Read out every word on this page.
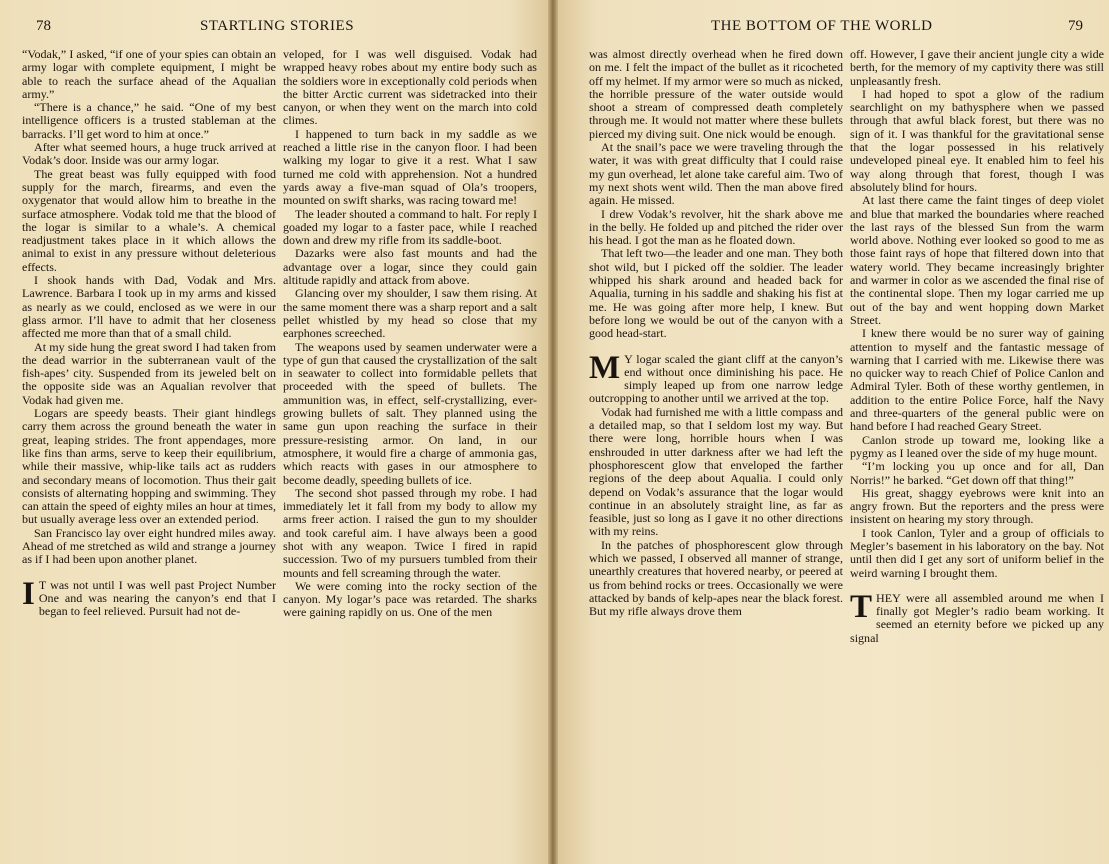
78	STARTLING STORIES

“Vodak,” I asked, “if one of your spies can obtain an army logar with complete equipment, I might be able to reach the surface ahead of the Aqualian army.”

“There is a chance,” he said. “One of my best intelligence officers is a trusted stableman at the barracks. I’ll get word to him at once.”

After what seemed hours, a huge truck arrived at Vodak’s door. Inside was our army logar.

The great beast was fully equipped with food supply for the march, firearms, and even the oxygenator that would allow him to breathe in the surface atmosphere. Vodak told me that the blood of the logar is similar to a whale’s. A chemical readjustment takes place in it which allows the animal to exist in any pressure without deleterious effects.

I shook hands with Dad, Vodak and Mrs. Lawrence. Barbara I took up in my arms and kissed as nearly as we could, enclosed as we were in our glass armor. I’ll have to admit that her closeness affected me more than that of a small child.

At my side hung the great sword I had taken from the dead warrior in the subterranean vault of the fish-apes’ city. Suspended from its jeweled belt on the opposite side was an Aqualian revolver that Vodak had given me.

Logars are speedy beasts. Their giant hindlegs carry them across the ground beneath the water in great, leaping strides. The front appendages, more like fins than arms, serve to keep their equilibrium, while their massive, whip-like tails act as rudders and secondary means of locomotion. Thus their gait consists of alternating hopping and swimming. They can attain the speed of eighty miles an hour at times, but usually average less over an extended period.

San Francisco lay over eight hundred miles away. Ahead of me stretched as wild and strange a journey as if I had been upon another planet.

I T was not until I was well past Project Number One and was nearing the canyon’s end that I began to feel relieved. Pursuit had not de-

veloped, for I was well disguised. Vodak had wrapped heavy robes about my entire body such as the soldiers wore in exceptionally cold periods when the bitter Arctic current was sidetracked into their canyon, or when they went on the march into cold climes.

I happened to turn back in my saddle as we reached a little rise in the canyon floor. I had been walking my logar to give it a rest. What I saw turned me cold with apprehension. Not a hundred yards away a five-man squad of Ola’s troopers, mounted on swift sharks, was racing toward me!

The leader shouted a command to halt. For reply I goaded my logar to a faster pace, while I reached down and drew my rifle from its saddle-boot.

Dazarks were also fast mounts and had the advantage over a logar, since they could gain altitude rapidly and attack from above.

Glancing over my shoulder, I saw them rising. At the same moment there was a sharp report and a salt pellet whistled by my head so close that my earphones screeched.

The weapons used by seamen underwater were a type of gun that caused the crystallization of the salt in seawater to collect into formidable pellets that proceeded with the speed of bullets. The ammunition was, in effect, self-crystallizing, ever-growing bullets of salt. They planned using the same gun upon reaching the surface in their pressure-resisting armor. On land, in our atmosphere, it would fire a charge of ammonia gas, which reacts with gases in our atmosphere to become deadly, speeding bullets of ice.

The second shot passed through my robe. I had immediately let it fall from my body to allow my arms freer action. I raised the gun to my shoulder and took careful aim. I have always been a good shot with any weapon. Twice I fired in rapid succession. Two of my pursuers tumbled from their mounts and fell screaming through the water.

We were coming into the rocky section of the canyon. My logar’s pace was retarded. The sharks were gaining rapidly on us. One of the men

THE BOTTOM OF THE WORLD	79

was almost directly overhead when he fired down on me. I felt the impact of the bullet as it ricocheted off my helmet. If my armor were so much as nicked, the horrible pressure of the water outside would shoot a stream of compressed death completely through me. It would not matter where these bullets pierced my diving suit. One nick would be enough.

At the snail’s pace we were traveling through the water, it was with great difficulty that I could raise my gun overhead, let alone take careful aim. Two of my next shots went wild. Then the man above fired again. He missed.

I drew Vodak’s revolver, hit the shark above me in the belly. He folded up and pitched the rider over his head. I got the man as he floated down.

That left two—the leader and one man. They both shot wild, but I picked off the soldier. The leader whipped his shark around and headed back for Aqualia, turning in his saddle and shaking his fist at me. He was going after more help, I knew. But before long we would be out of the canyon with a good head-start.

M Y logar scaled the giant cliff at the canyon’s end without once diminishing his pace. He simply leaped up from one narrow ledge outcropping to another until we arrived at the top.

Vodak had furnished me with a little compass and a detailed map, so that I seldom lost my way. But there were long, horrible hours when I was enshrouded in utter darkness after we had left the phosphorescent glow that enveloped the farther regions of the deep about Aqualia. I could only depend on Vodak’s assurance that the logar would continue in an absolutely straight line, as far as feasible, just so long as I gave it no other directions with my reins.

In the patches of phosphorescent glow through which we passed, I observed all manner of strange, unearthly creatures that hovered nearby, or peered at us from behind rocks or trees. Occasionally we were attacked by bands of kelp-apes near the black forest. But my rifle always drove them

off. However, I gave their ancient jungle city a wide berth, for the memory of my captivity there was still unpleasantly fresh.

I had hoped to spot a glow of the radium searchlight on my bathysphere when we passed through that awful black forest, but there was no sign of it. I was thankful for the gravitational sense that the logar possessed in his relatively undeveloped pineal eye. It enabled him to feel his way along through that forest, though I was absolutely blind for hours.

At last there came the faint tinges of deep violet and blue that marked the boundaries where reached the last rays of the blessed Sun from the warm world above. Nothing ever looked so good to me as those faint rays of hope that filtered down into that watery world. They became increasingly brighter and warmer in color as we ascended the final rise of the continental slope. Then my logar carried me up out of the bay and went hopping down Market Street.

I knew there would be no surer way of gaining attention to myself and the fantastic message of warning that I carried with me. Likewise there was no quicker way to reach Chief of Police Canlon and Admiral Tyler. Both of these worthy gentlemen, in addition to the entire Police Force, half the Navy and three-quarters of the general public were on hand before I had reached Geary Street.

Canlon strode up toward me, looking like a pygmy as I leaned over the side of my huge mount.

“I’m locking you up once and for all, Dan Norris!” he barked. “Get down off that thing!”

His great, shaggy eyebrows were knit into an angry frown. But the reporters and the press were insistent on hearing my story through.

I took Canlon, Tyler and a group of officials to Megler’s basement in his laboratory on the bay. Not until then did I get any sort of uniform belief in the weird warning I brought them.

THEY were all assembled around me when I finally got Megler’s radio beam working. It seemed an eternity before we picked up any signal
